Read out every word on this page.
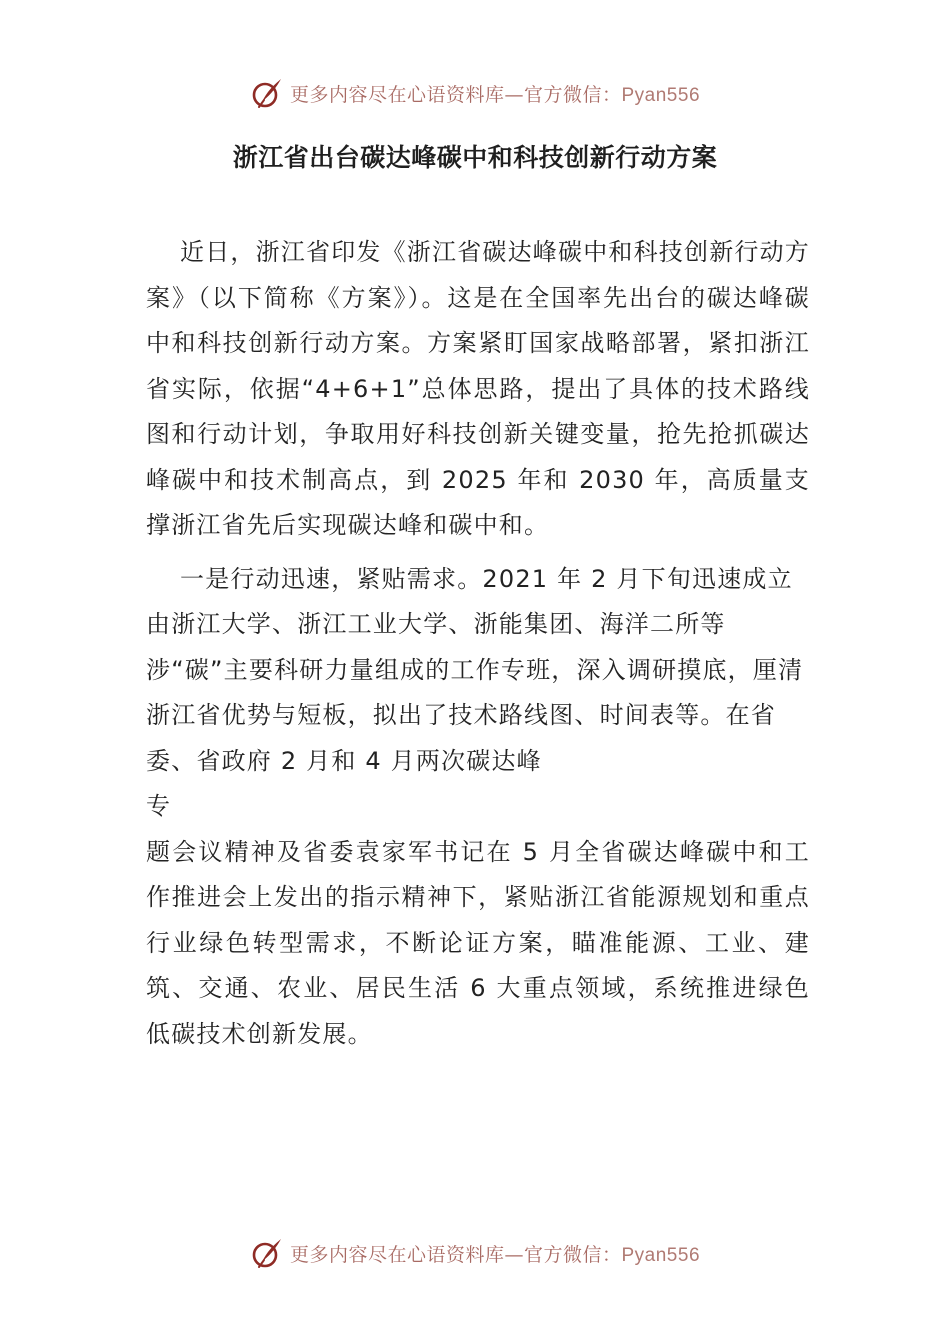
更多内容尽在心语资料库—官方微信：Pyan556
浙江省出台碳达峰碳中和科技创新行动方案

近日，浙江省印发《浙江省碳达峰碳中和科技创新行动方案》（以下简称《方案》）。这是在全国率先出台的碳达峰碳中和科技创新行动方案。方案紧盯国家战略部署，紧扣浙江省实际，依据“4+6+1”总体思路，提出了具体的技术路线图和行动计划，争取用好科技创新关键变量，抢先抢抓碳达峰碳中和技术制高点，到 2025 年和 2030 年，高质量支撑浙江省先后实现碳达峰和碳中和。

一是行动迅速，紧贴需求。2021 年 2 月下旬迅速成立由浙江大学、浙江工业大学、浙能集团、海洋二所等涉“碳”主要科研力量组成的工作专班，深入调研摸底，厘清浙江省优势与短板，拟出了技术路线图、时间表等。在省委、省政府 2 月和 4 月两次碳达峰

专

题会议精神及省委袁家军书记在 5 月全省碳达峰碳中和工作推进会上发出的指示精神下，紧贴浙江省能源规划和重点行业绿色转型需求，不断论证方案，瞄准能源、工业、建筑、交通、农业、居民生活 6 大重点领域，系统推进绿色低碳技术创新发展。

更多内容尽在心语资料库—官方微信：Pyan556
